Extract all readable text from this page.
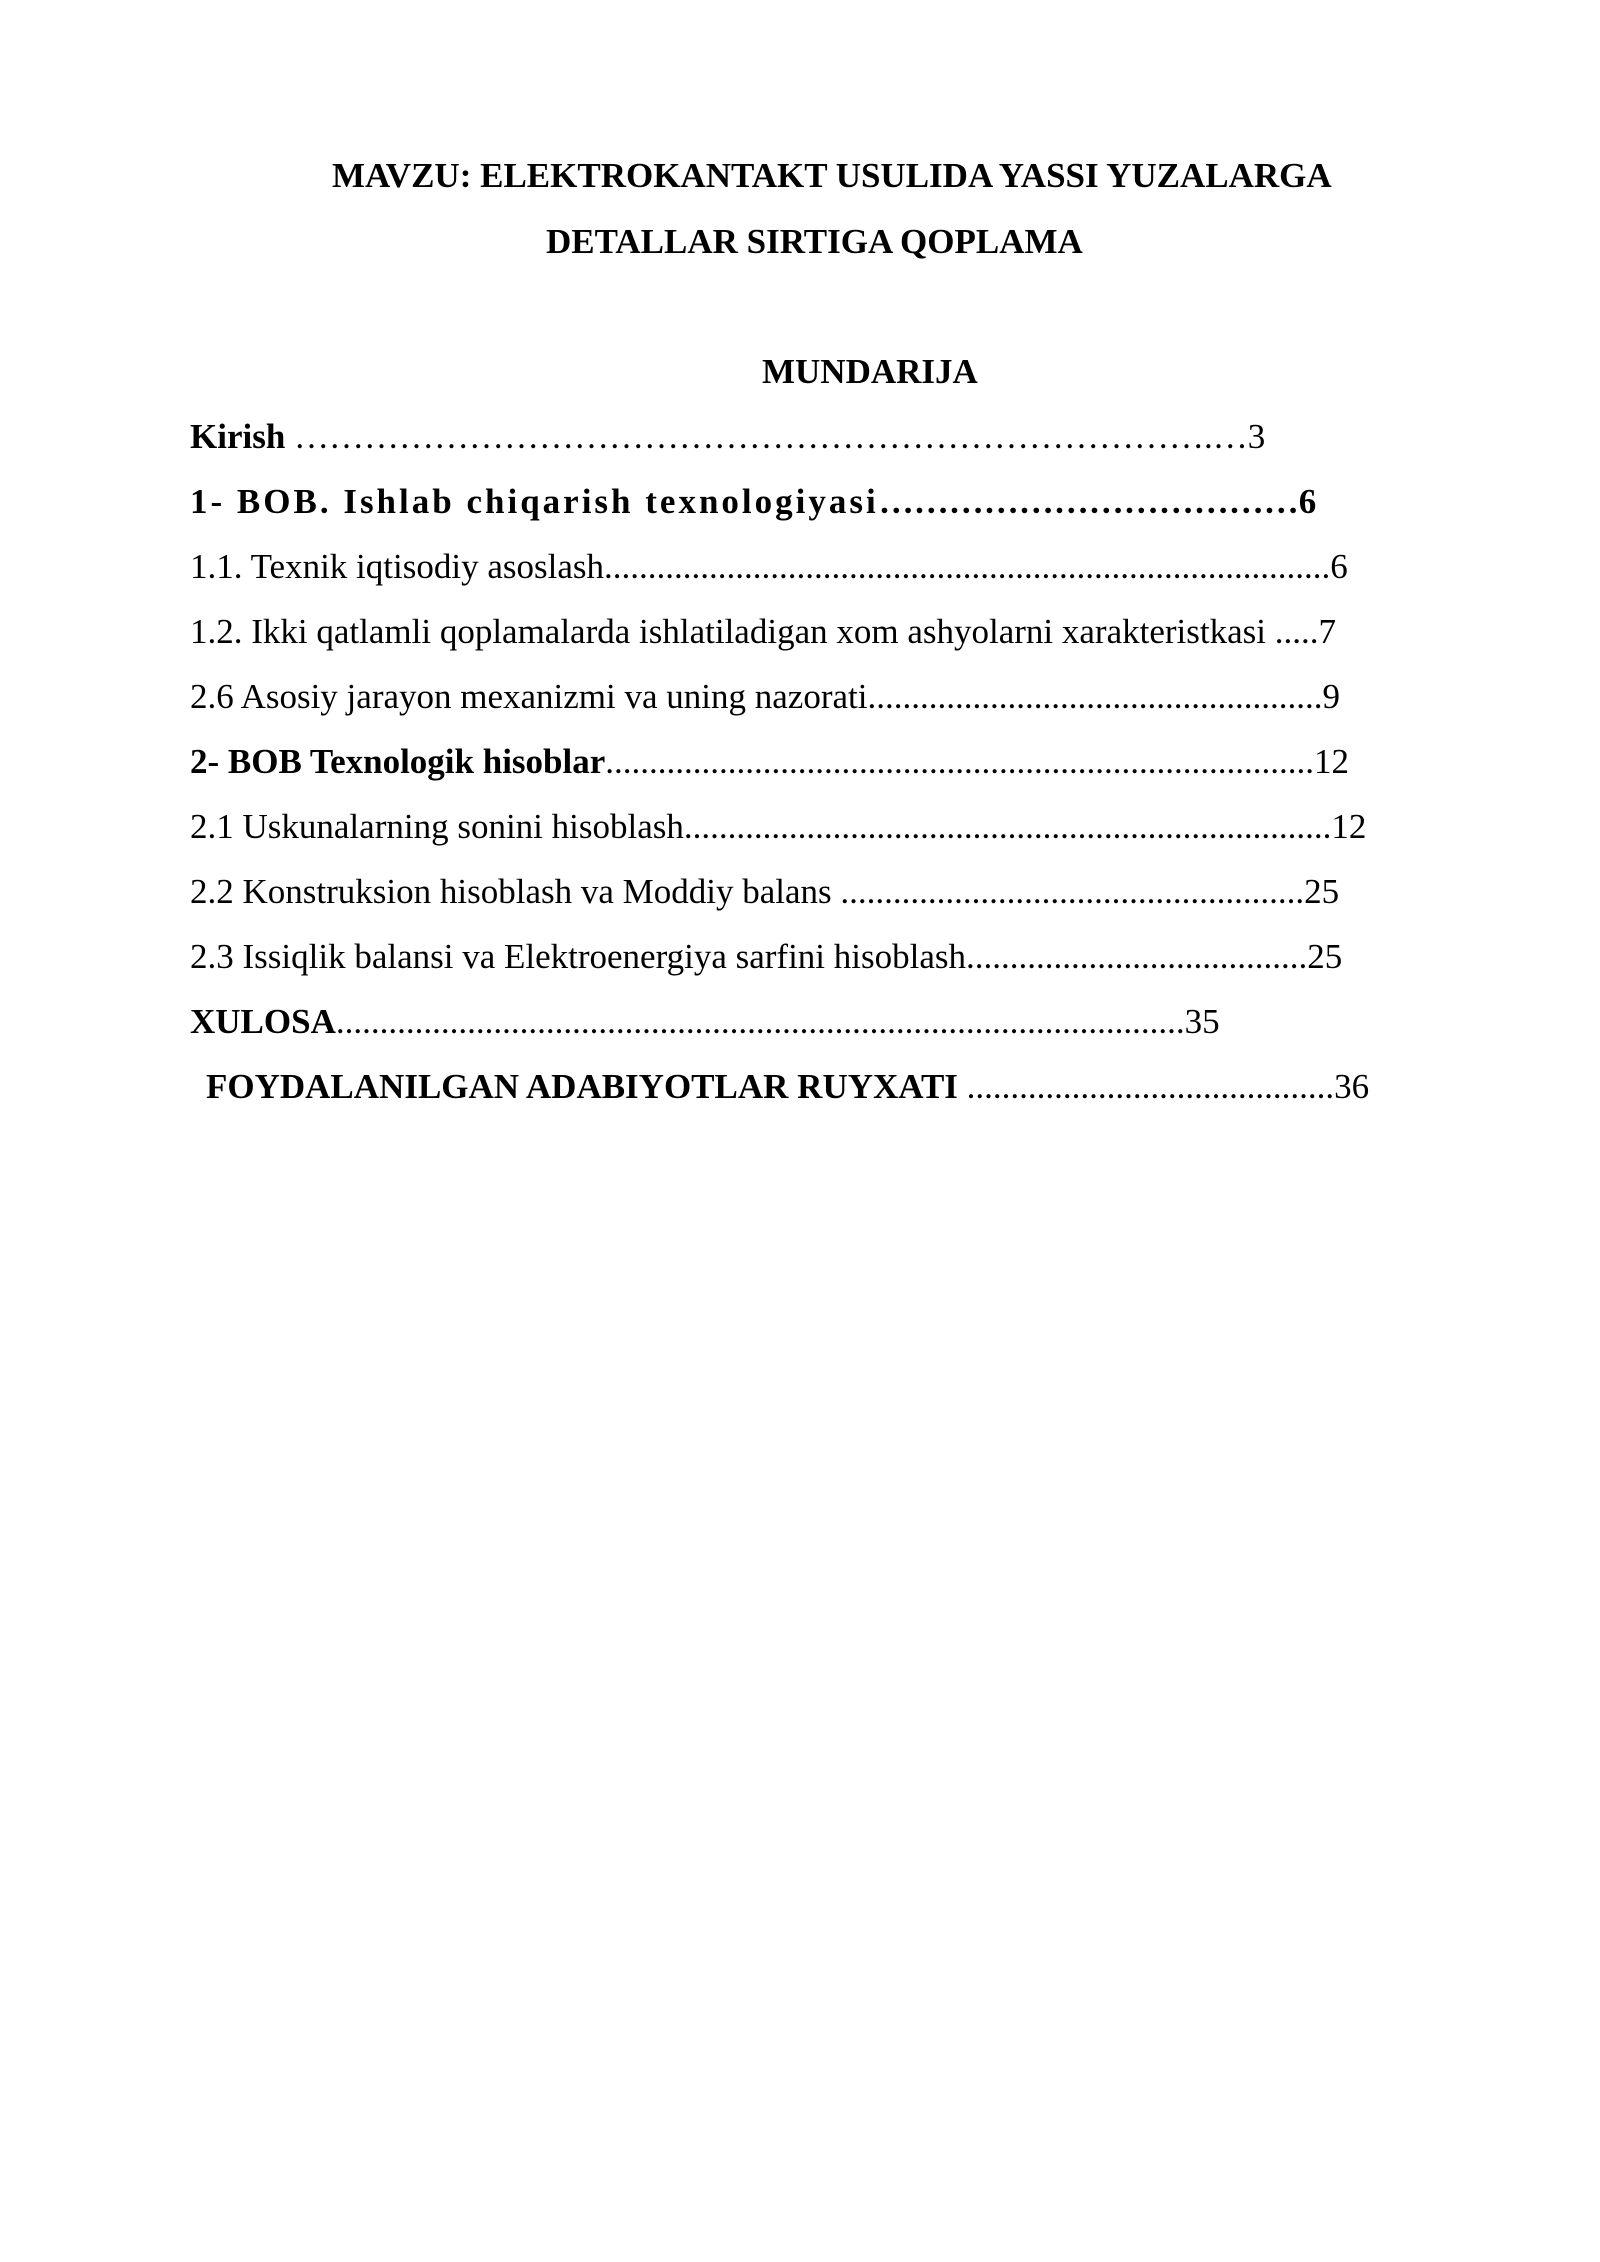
MAVZU: ELEKTROKANTAKT USULIDA YASSI YUZALARGA
DETALLAR SIRTIGA QOPLAMA
MUNDARIJA
Kirish …………………………………………………………………….…3
1- BOB. Ishlab chiqarish texnologiyasi………………………………6
1.1. Texnik iqtisodiy asoslash...................................................................................6
1.2. Ikki qatlamli qoplamalarda ishlatiladigan xom ashyolarni xarakteristkasi .....7
2.6 Asosiy jarayon mexanizmi va uning nazorati....................................................9
2- BOB Texnologik hisoblar.................................................................................12
2.1 Uskunalarning sonini hisoblash..........................................................................12
2.2 Konstruksion hisoblash va Moddiy balans .....................................................25
2.3 Issiqlik balansi va Elektroenergiya sarfini hisoblash.......................................25
XULOSA.................................................................................................35
FOYDALANILGAN ADABIYOTLAR RUYXATI ..........................................36
